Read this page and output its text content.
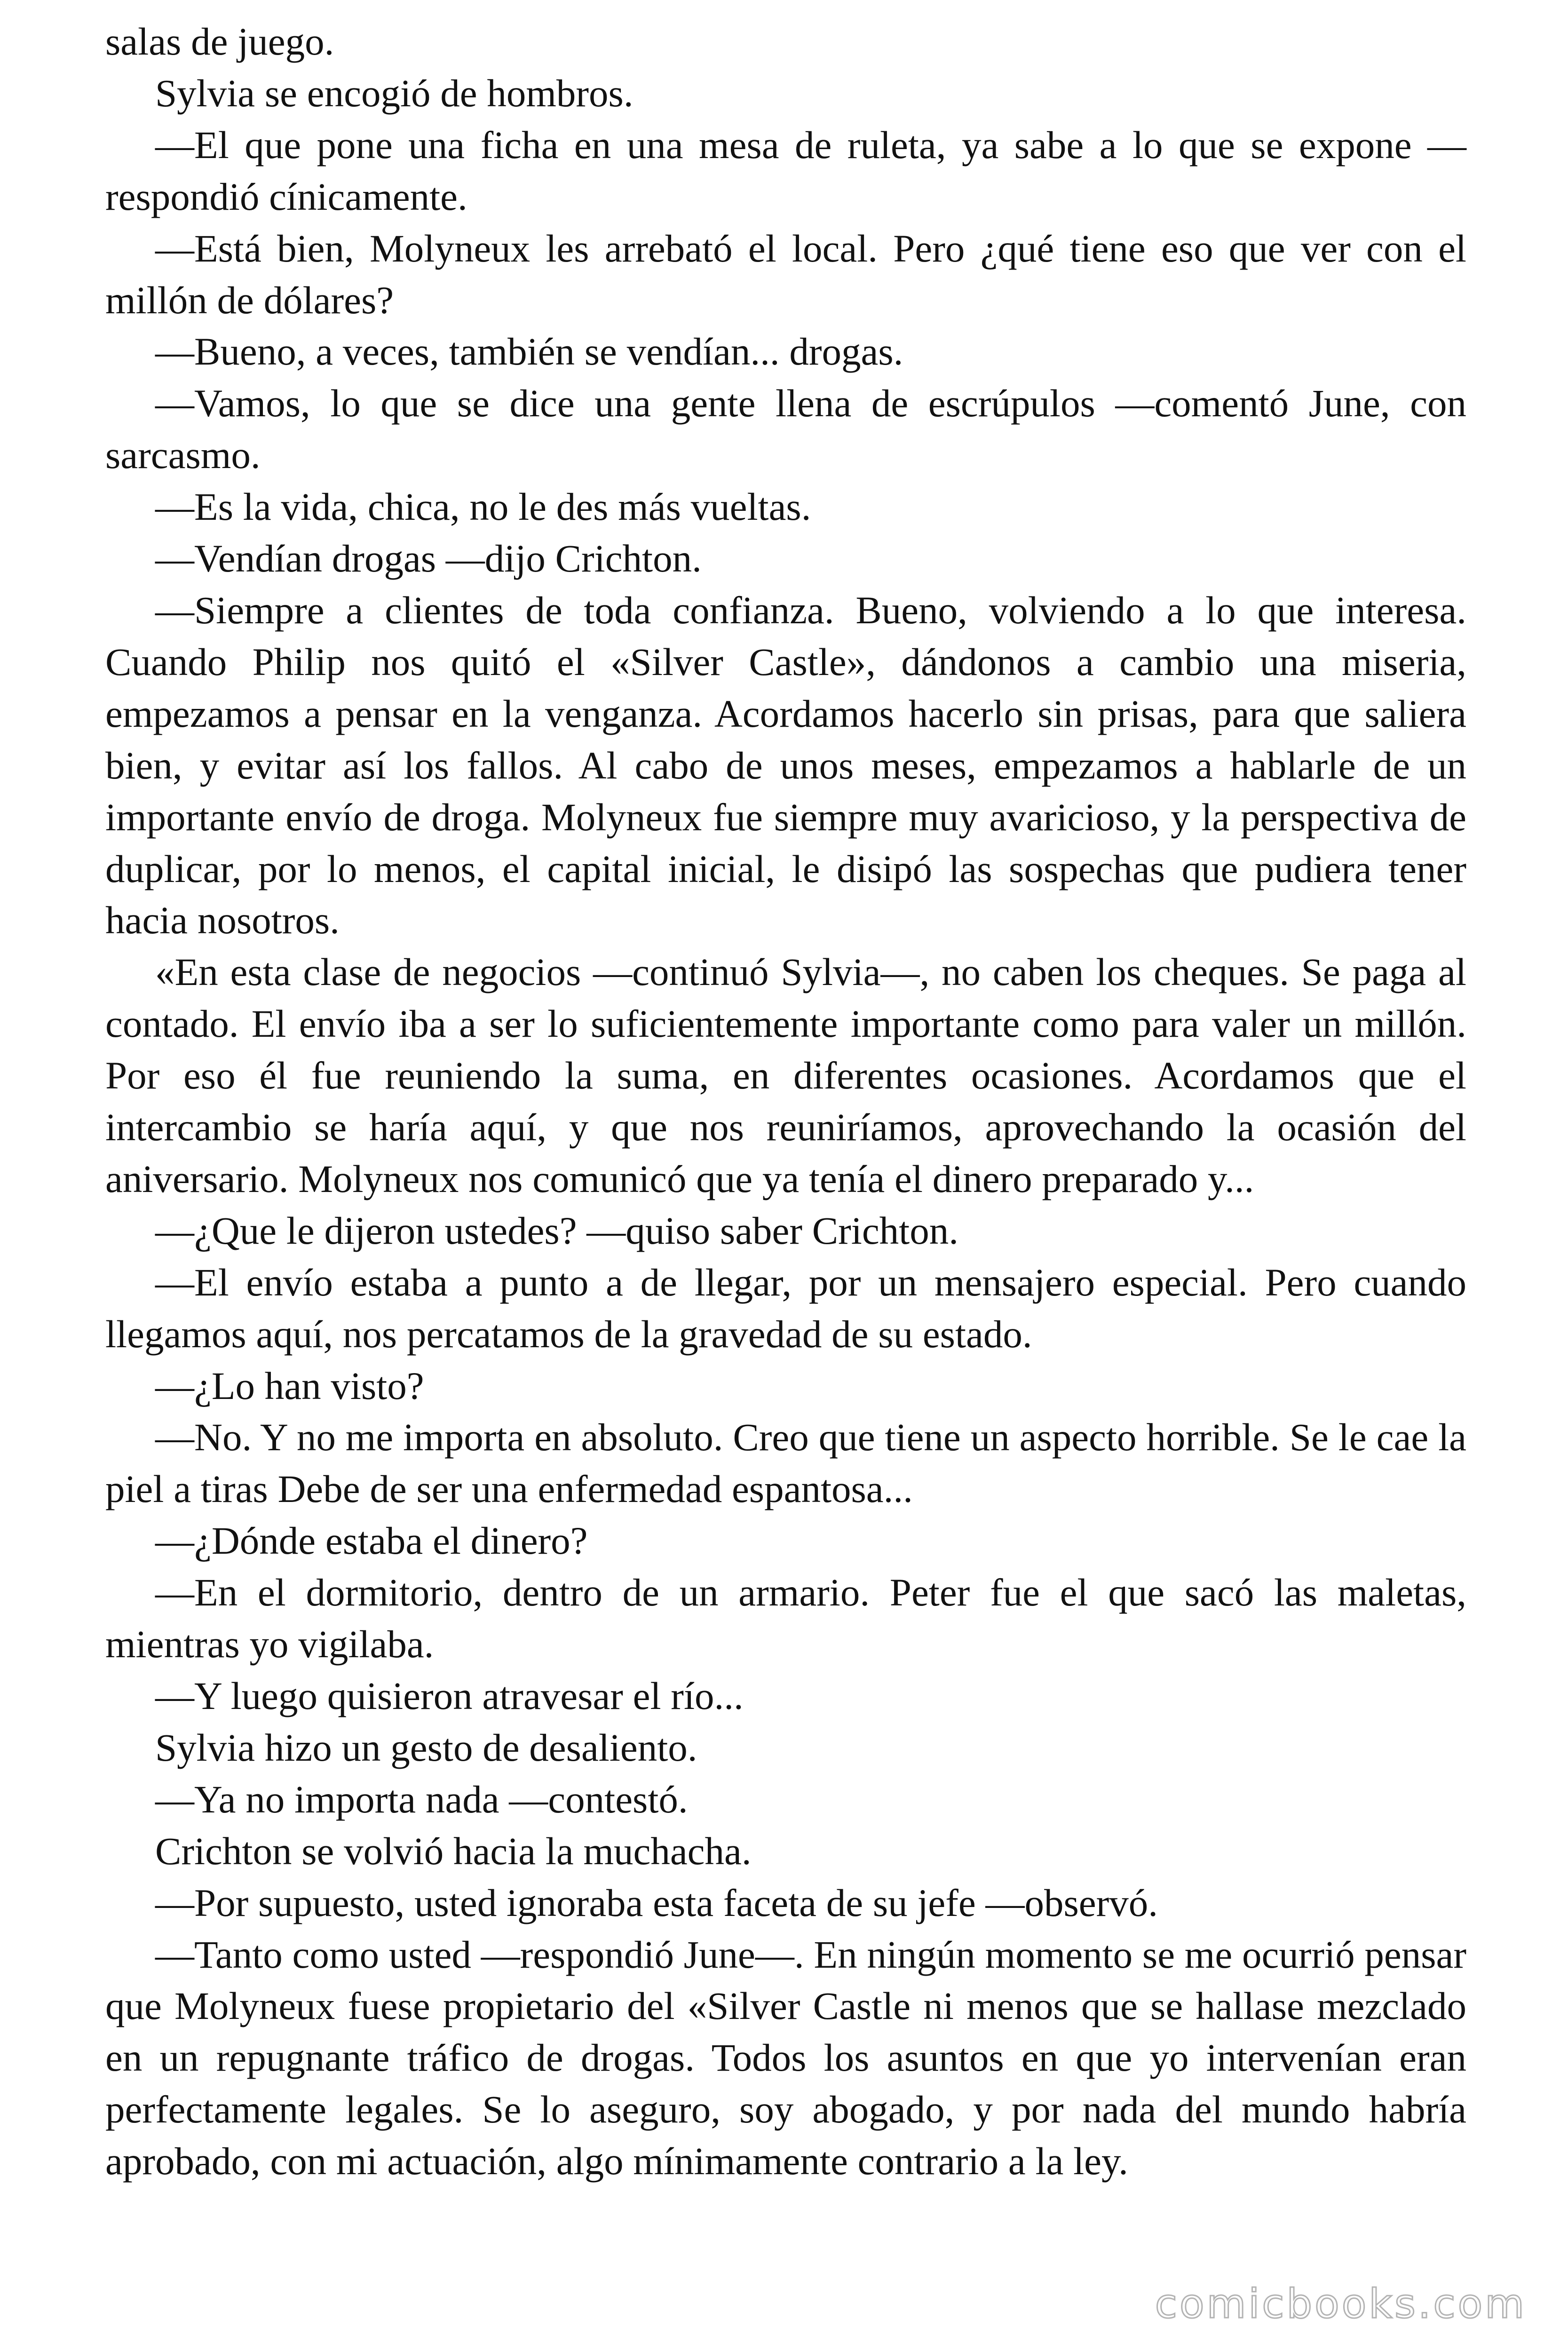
salas de juego.

Sylvia se encogió de hombros.

—El que pone una ficha en una mesa de ruleta, ya sabe a lo que se expone —respondió cínicamente.

—Está bien, Molyneux les arrebató el local. Pero ¿qué tiene eso que ver con el millón de dólares?

—Bueno, a veces, también se vendían... drogas.

—Vamos, lo que se dice una gente llena de escrúpulos —comentó June, con sarcasmo.

—Es la vida, chica, no le des más vueltas.

—Vendían drogas —dijo Crichton.

—Siempre a clientes de toda confianza. Bueno, volviendo a lo que interesa. Cuando Philip nos quitó el «Silver Castle», dándonos a cambio una miseria, empezamos a pensar en la venganza. Acordamos hacerlo sin prisas, para que saliera bien, y evitar así los fallos. Al cabo de unos meses, empezamos a hablarle de un importante envío de droga. Molyneux fue siempre muy avaricioso, y la perspectiva de duplicar, por lo menos, el capital inicial, le disipó las sospechas que pudiera tener hacia nosotros.

«En esta clase de negocios —continuó Sylvia—, no caben los cheques. Se paga al contado. El envío iba a ser lo suficientemente importante como para valer un millón. Por eso él fue reuniendo la suma, en diferentes ocasiones. Acordamos que el intercambio se haría aquí, y que nos reuniríamos, aprovechando la ocasión del aniversario. Molyneux nos comunicó que ya tenía el dinero preparado y...

—¿Que le dijeron ustedes? —quiso saber Crichton.

—El envío estaba a punto a de llegar, por un mensajero especial. Pero cuando llegamos aquí, nos percatamos de la gravedad de su estado.

—¿Lo han visto?

—No. Y no me importa en absoluto. Creo que tiene un aspecto horrible. Se le cae la piel a tiras Debe de ser una enfermedad espantosa...

—¿Dónde estaba el dinero?

—En el dormitorio, dentro de un armario. Peter fue el que sacó las maletas, mientras yo vigilaba.

—Y luego quisieron atravesar el río...

Sylvia hizo un gesto de desaliento.

—Ya no importa nada —contestó.

Crichton se volvió hacia la muchacha.

—Por supuesto, usted ignoraba esta faceta de su jefe —observó.

—Tanto como usted —respondió June—. En ningún momento se me ocurrió pensar que Molyneux fuese propietario del «Silver Castle ni menos que se hallase mezclado en un repugnante tráfico de drogas. Todos los asuntos en que yo intervenían eran perfectamente legales. Se lo aseguro, soy abogado, y por nada del mundo habría aprobado, con mi actuación, algo mínimamente contrario a la ley.

comicbooks.com
